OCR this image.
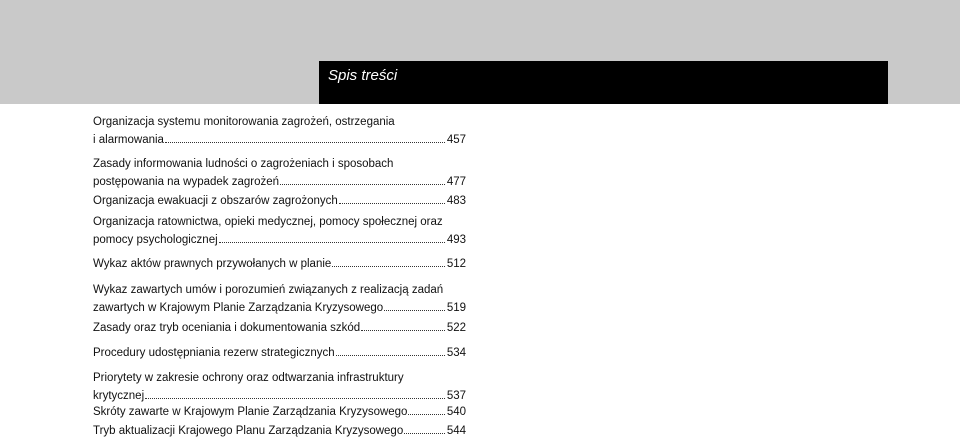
Spis treści
Organizacja systemu monitorowania zagrożeń, ostrzegania
i alarmowania	457
Zasady informowania ludności o zagrożeniach i sposobach
postępowania na wypadek zagrożeń	477
Organizacja ewakuacji z obszarów zagrożonych	483
Organizacja ratownictwa, opieki medycznej, pomocy społecznej oraz
pomocy psychologicznej	493
Wykaz aktów prawnych przywołanych w planie	512
Wykaz zawartych umów i porozumień związanych z realizacją zadań
zawartych w Krajowym Planie Zarządzania Kryzysowego	519
Zasady oraz tryb oceniania i dokumentowania szkód	522
Procedury udostępniania rezerw strategicznych	534
Priorytety w zakresie ochrony oraz odtwarzania infrastruktury
krytycznej	537
Skróty zawarte w Krajowym Planie Zarządzania Kryzysowego	540
Tryb aktualizacji Krajowego Planu Zarządzania Kryzysowego	544
